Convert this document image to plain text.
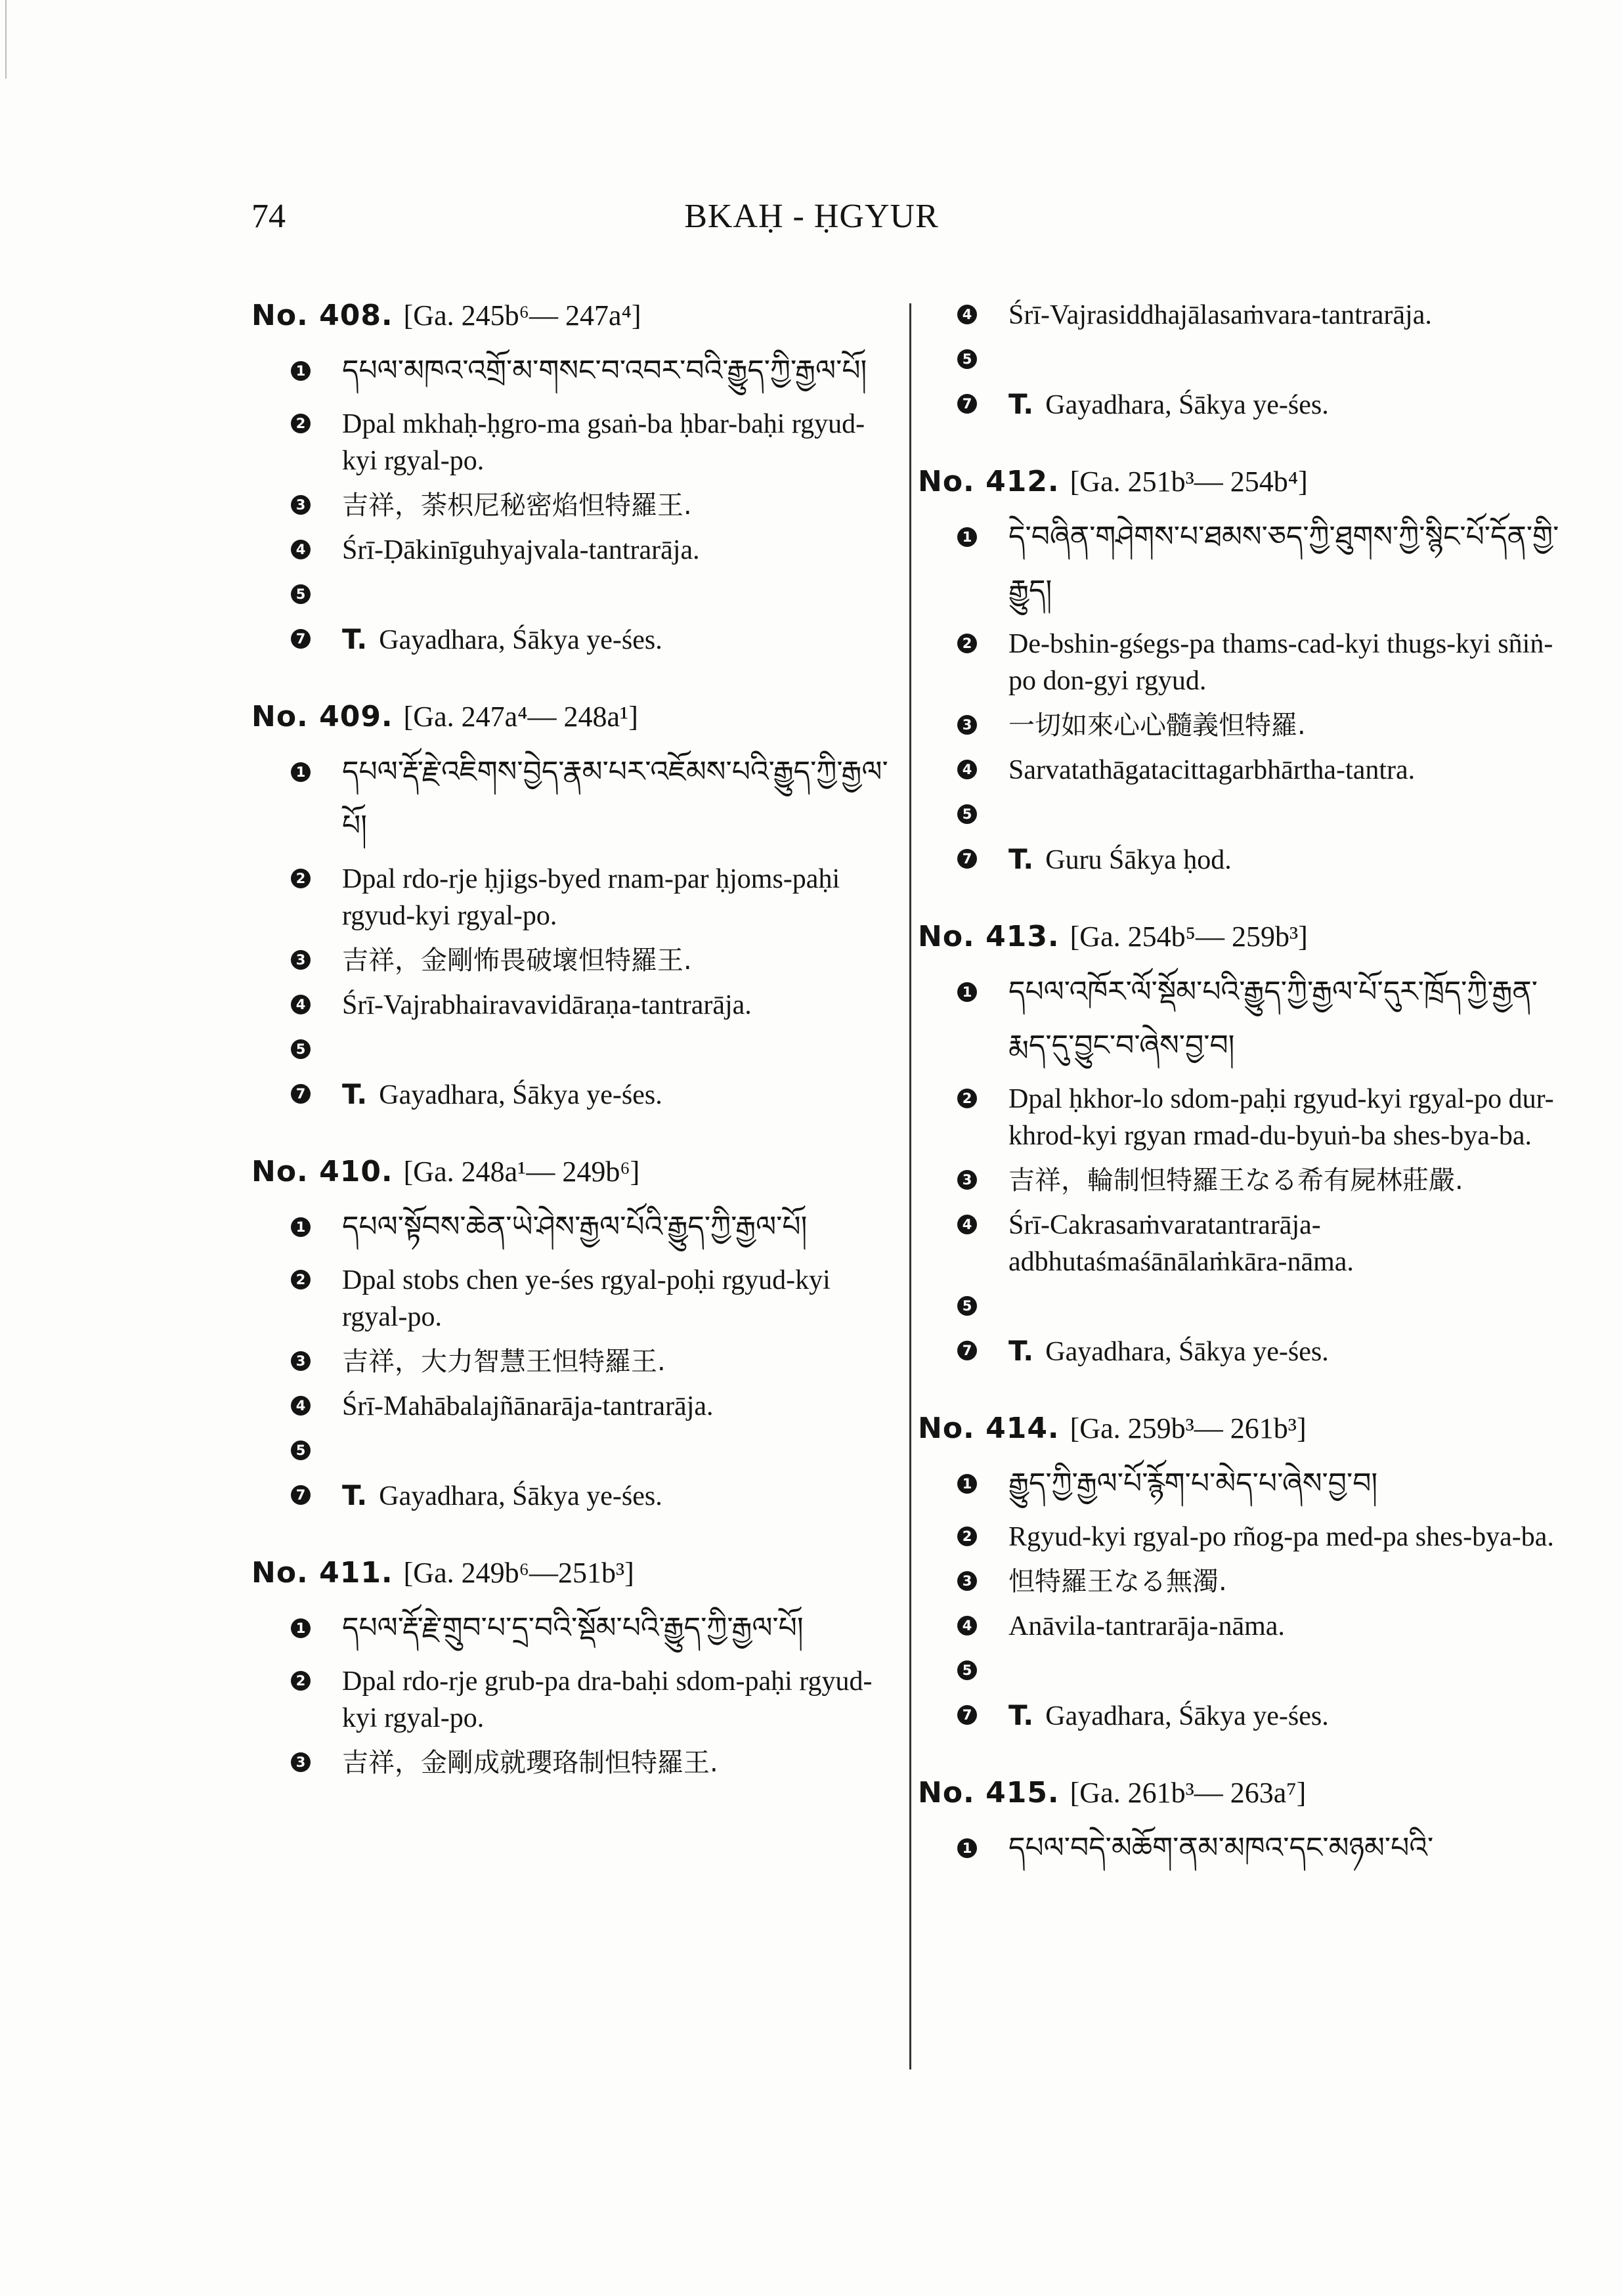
BKAḤ - ḤGYUR
74
No. 408. [Ga. 245b⁶— 247a⁴]
1 དཔལ་མཁའ་འགྲོ་མ་གསང་བ་འབར་བའི་རྒྱུད་ཀྱི་རྒྱལ་པོ།
2 Dpal mkhaḥ-ḥgro-ma gsaṅ-ba ḥbar-baḥi rgyud-kyi rgyal-po.
3 吉祥，荼枳尼秘密焰怛特羅王.
4 Śrī-Ḍākinīguhyajvala-tantrarāja.
5
7 T. Gayadhara, Śākya ye-śes.
No. 409. [Ga. 247a⁴— 248a¹]
1 དཔལ་རྡོ་རྗེ་འཇིགས་བྱེད་རྣམ་པར་འཇོམས་པའི་རྒྱུད་ཀྱི་རྒྱལ་པོ།
2 Dpal rdo-rje ḥjigs-byed rnam-par ḥjoms-paḥi rgyud-kyi rgyal-po.
3 吉祥，金剛怖畏破壞怛特羅王.
4 Śrī-Vajrabhairavavidāraṇa-tantrarāja.
5
7 T. Gayadhara, Śākya ye-śes.
No. 410. [Ga. 248a¹— 249b⁶]
1 དཔལ་སྟོབས་ཆེན་ཡེ་ཤེས་རྒྱལ་པོའི་རྒྱུད་ཀྱི་རྒྱལ་པོ།
2 Dpal stobs chen ye-śes rgyal-poḥi rgyud-kyi rgyal-po.
3 吉祥，大力智慧王怛特羅王.
4 Śrī-Mahābalajñānarāja-tantrarāja.
5
7 T. Gayadhara, Śākya ye-śes.
No. 411. [Ga. 249b⁶—251b³]
1 དཔལ་རྡོ་རྗེ་གྲུབ་པ་དྲ་བའི་སྡོམ་པའི་རྒྱུད་ཀྱི་རྒྱལ་པོ།
2 Dpal rdo-rje grub-pa dra-baḥi sdom-paḥi rgyud-kyi rgyal-po.
3 吉祥，金剛成就瓔珞制怛特羅王.
4 Śrī-Vajrasiddhajālasaṁvara-tantrarāja.
5
7 T. Gayadhara, Śākya ye-śes.
No. 412. [Ga. 251b³— 254b⁴]
1 དེ་བཞིན་གཤེགས་པ་ཐམས་ཅད་ཀྱི་ཐུགས་ཀྱི་སྙིང་པོ་དོན་གྱི་རྒྱུད།
2 De-bshin-gśegs-pa thams-cad-kyi thugs-kyi sñiṅ-po don-gyi rgyud.
3 一切如來心心髓義怛特羅.
4 Sarvatathāgatacittagarbhārtha-tantra.
5
7 T. Guru Śākya ḥod.
No. 413. [Ga. 254b⁵— 259b³]
1 དཔལ་འཁོར་ལོ་སྡོམ་པའི་རྒྱུད་ཀྱི་རྒྱལ་པོ་དུར་ཁྲོད་ཀྱི་རྒྱན་རྨད་དུ་བྱུང་བ་ཞེས་བྱ་བ།
2 Dpal ḥkhor-lo sdom-paḥi rgyud-kyi rgyal-po dur-khrod-kyi rgyan rmad-du-byuṅ-ba shes-bya-ba.
3 吉祥，輪制怛特羅王なる希有屍林莊嚴.
4 Śrī-Cakrasaṁvaratantrarāja-adbhutaśmaśānālaṁkāra-nāma.
5
7 T. Gayadhara, Śākya ye-śes.
No. 414. [Ga. 259b³— 261b³]
1 རྒྱུད་ཀྱི་རྒྱལ་པོ་རྙོག་པ་མེད་པ་ཞེས་བྱ་བ།
2 Rgyud-kyi rgyal-po rñog-pa med-pa shes-bya-ba.
3 怛特羅王なる無濁.
4 Anāvila-tantrarāja-nāma.
5
7 T. Gayadhara, Śākya ye-śes.
No. 415. [Ga. 261b³— 263a⁷]
1 དཔལ་བདེ་མཆོག་ནམ་མཁའ་དང་མཉམ་པའི་
